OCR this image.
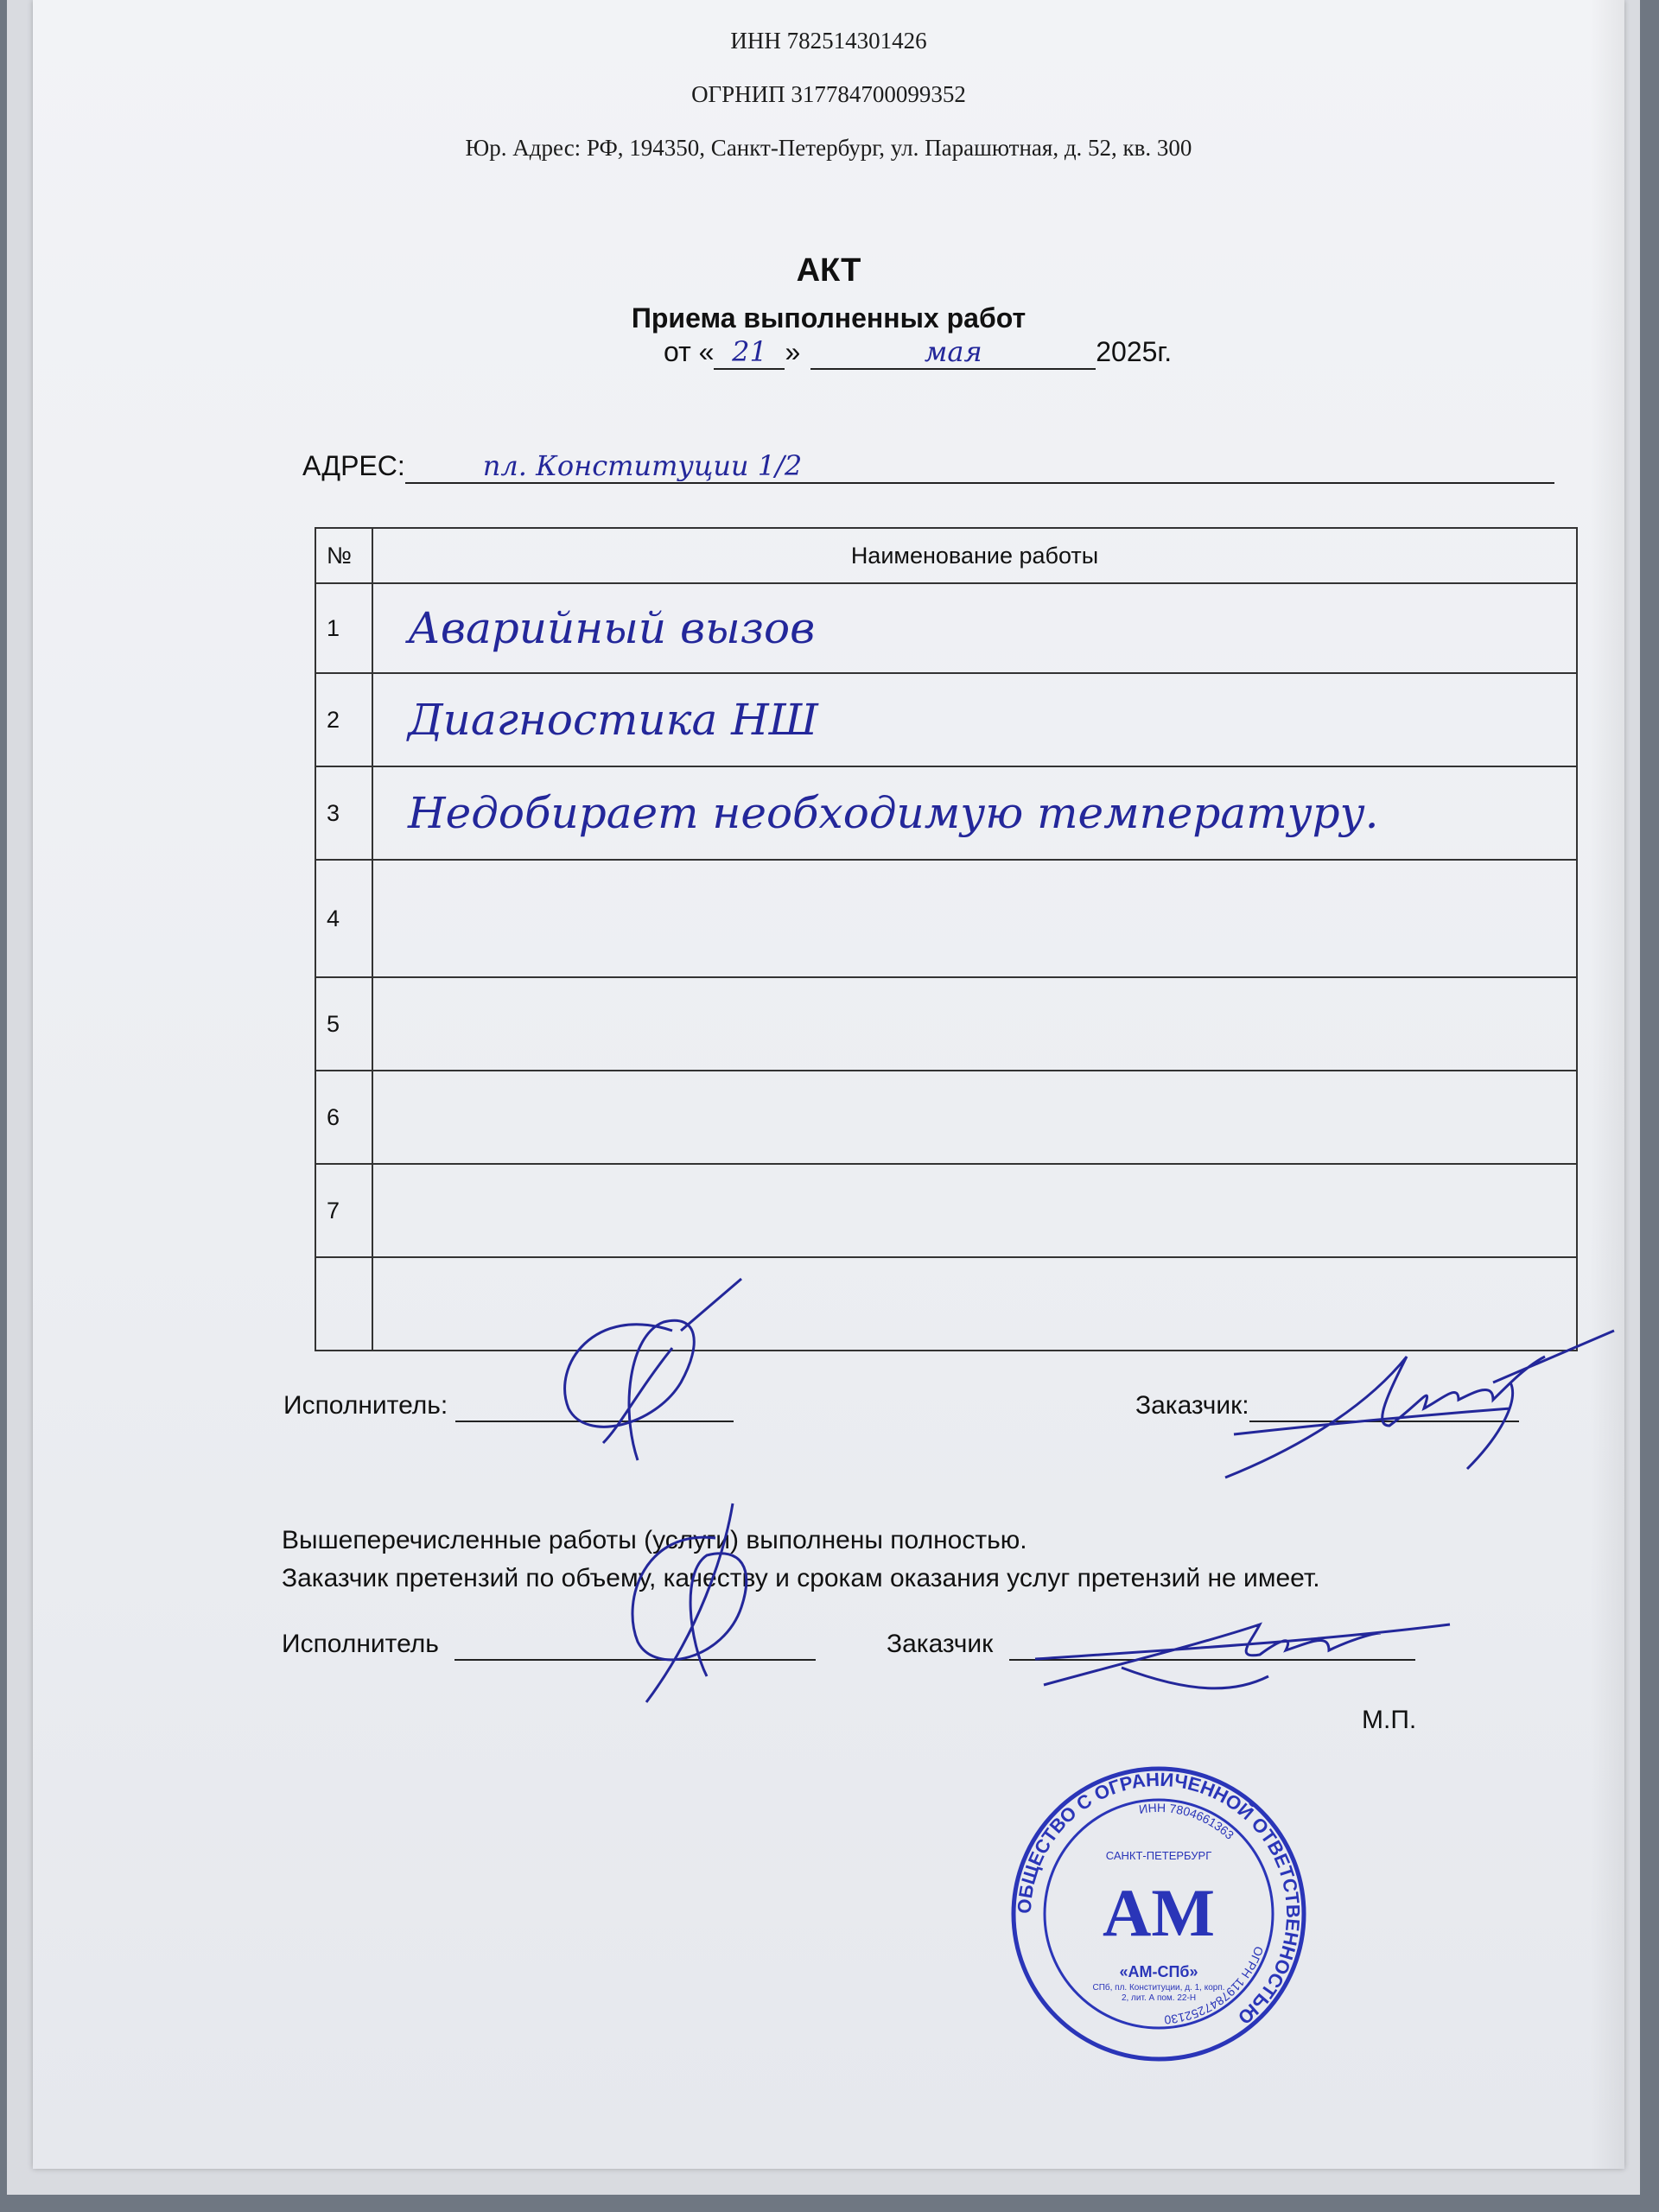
ИНН 782514301426
ОГРНИП 317784700099352
Юр. Адрес: РФ, 194350, Санкт-Петербург, ул. Парашютная, д. 52, кв. 300
АКТ
Приема выполненных работ
от « 21 »	мая	2025г.
АДРЕС:	пл. Конституции 1/2
№	Наименование работы
1	Аварийный вызов
2	Диагностика НШ
3	Недобирает необходимую температуру.
4	
5	
6	
7	

Исполнитель:	Заказчик:
Вышеперечисленные работы (услуги) выполнены полностью.
Заказчик претензий по объему, качеству и срокам оказания услуг претензий не имеет.
Исполнитель	Заказчик
М.П.
ОБЩЕСТВО С ОГРАНИЧЕННОЙ ОТВЕТСТВЕННОСТЬЮ
ИНН 7804661363
ОГРН 1197847252130
АМ
«АМ-СПб»
САНКТ-ПЕТЕРБУРГ
СПб, пл. Конституции, д. 1, корп. 2, лит. А пом. 22-Н
